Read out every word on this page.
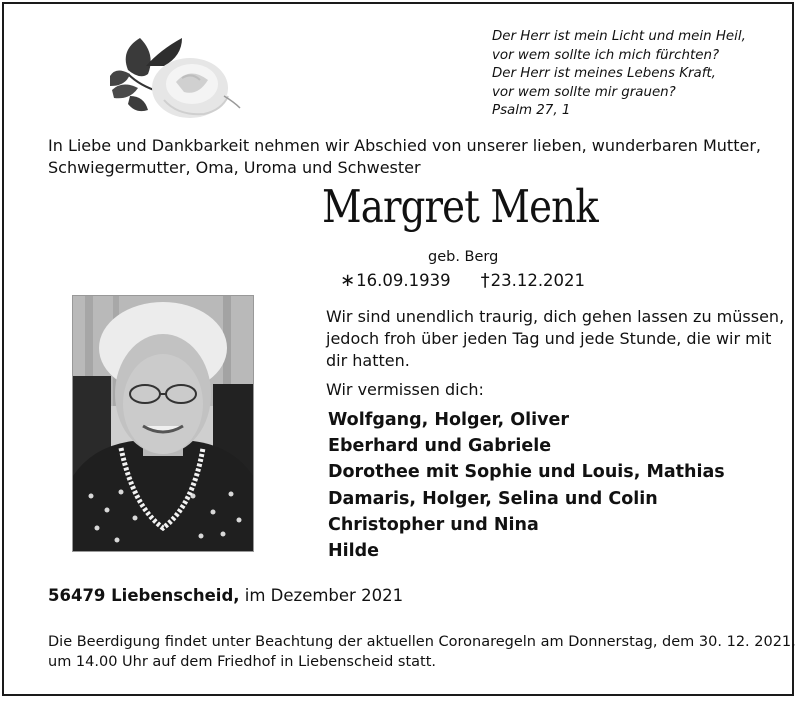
Der Herr ist mein Licht und mein Heil,
vor wem sollte ich mich fürchten?
Der Herr ist meines Lebens Kraft,
vor wem sollte mir grauen?
Psalm 27, 1
In Liebe und Dankbarkeit nehmen wir Abschied von unserer lieben, wunderbaren Mutter,
Schwiegermutter, Oma, Uroma und Schwester
Margret Menk
geb. Berg
∗16.09.1939 †23.12.2021
Wir sind unendlich traurig, dich gehen lassen zu müssen,
jedoch froh über jeden Tag und jede Stunde, die wir mit
dir hatten.
Wir vermissen dich:
Wolfgang, Holger, Oliver
Eberhard und Gabriele
Dorothee mit Sophie und Louis, Mathias
Damaris, Holger, Selina und Colin
Christopher und Nina
Hilde
56479 Liebenscheid, im Dezember 2021
Die Beerdigung findet unter Beachtung der aktuellen Coronaregeln am Donnerstag, dem 30. 12. 2021,
um 14.00 Uhr auf dem Friedhof in Liebenscheid statt.
